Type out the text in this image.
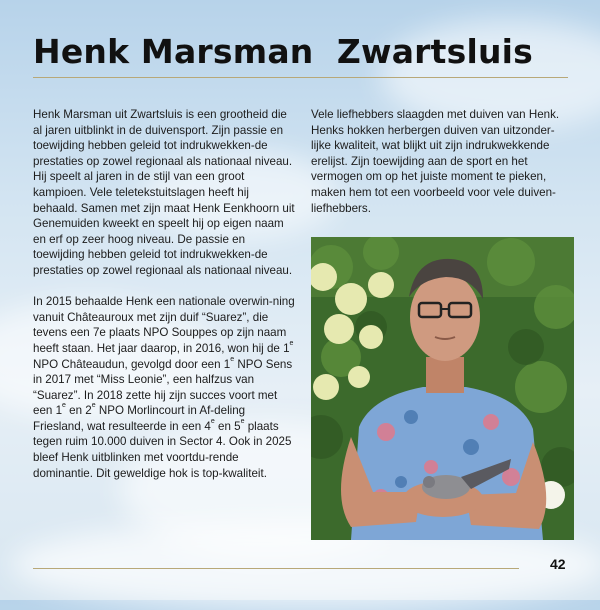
Henk Marsman  Zwartsluis

Henk Marsman uit Zwartsluis is een grootheid die al jaren uitblinkt in de duivensport. Zijn passie en toewijding hebben geleid tot indrukwekken-de prestaties op zowel regionaal als nationaal niveau. Hij speelt al jaren in de stijl van een groot kampioen. Vele teletekstuitslagen heeft hij behaald. Samen met zijn maat Henk Eenkhoorn uit Genemuiden kweekt en speelt hij op eigen naam en erf op zeer hoog niveau. De passie en toewijding hebben geleid tot indrukwekken-de prestaties op zowel regionaal als nationaal niveau.

In 2015 behaalde Henk een nationale overwin-ning vanuit Châteauroux met zijn duif “Suarez”, die tevens een 7e plaats NPO Souppes op zijn naam heeft staan. Het jaar daarop, in 2016, won hij de 1e NPO Châteaudun, gevolgd door een 1e NPO Sens in 2017 met “Miss Leonie”, een halfzus van “Suarez”. In 2018 zette hij zijn succes voort met een 1e en 2e NPO Morlincourt in Af-deling Friesland, wat resulteerde in een 4e en 5e plaats tegen ruim 10.000 duiven in Sector 4. Ook in 2025 bleef Henk uitblinken met voortdu-rende dominantie. Dit geweldige hok is top-kwaliteit.

Vele liefhebbers slaagden met duiven van Henk. Henks hokken herbergen duiven van uitzonder-lijke kwaliteit, wat blijkt uit zijn indrukwekkende erelijst. Zijn toewijding aan de sport en het vermogen om op het juiste moment te pieken, maken hem tot een voorbeeld voor vele duiven-liefhebbers.

42
